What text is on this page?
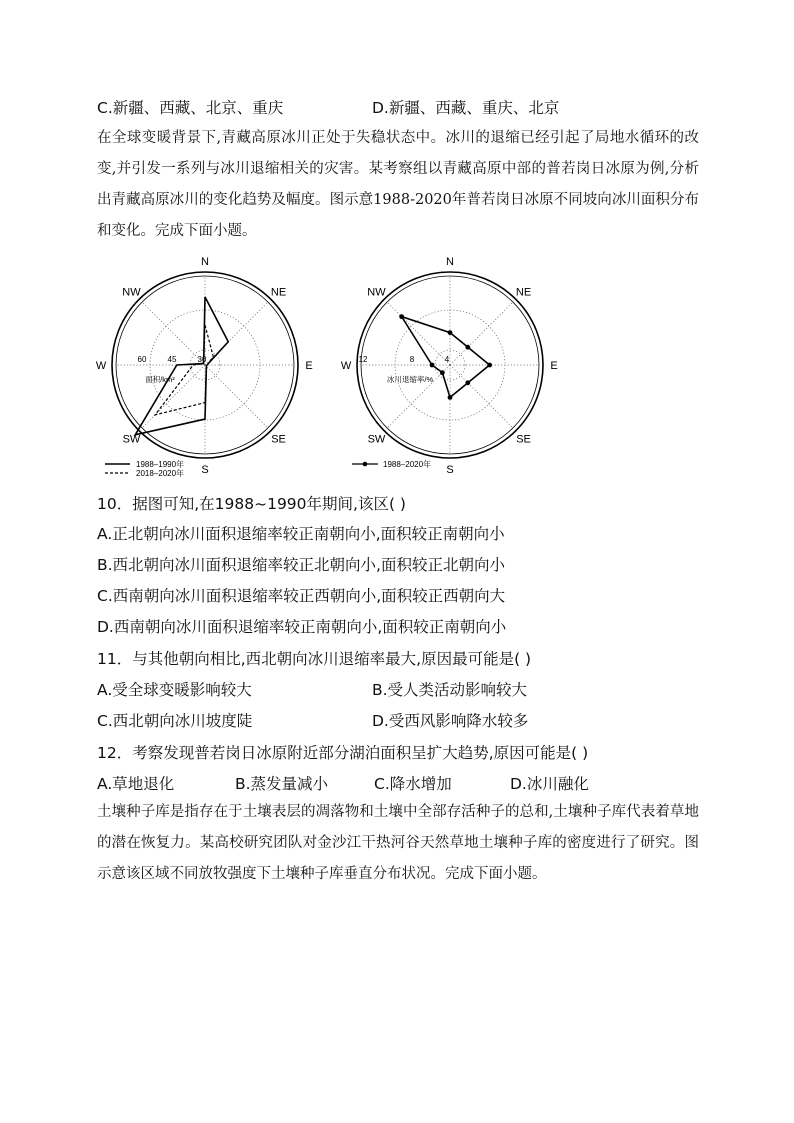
C.新疆、西藏、北京、重庆	D.新疆、西藏、重庆、北京
在全球变暖背景下,青藏高原冰川正处于失稳状态中。冰川的退缩已经引起了局地水循环的改变,并引发一系列与冰川退缩相关的灾害。某考察组以青藏高原中部的普若岗日冰原为例,分析出青藏高原冰川的变化趋势及幅度。图示意1988-2020年普若岗日冰原不同坡向冰川面积分布和变化。完成下面小题。
N
NE
E
SE
S
SW
W
NW
30
45
60
面积/km²
N
NE
E
SE
S
SW
W
NW
4
8
12
冰川退缩率/%
1988–1990年
2018–2020年
1988–2020年
10．据图可知,在1988~1990年期间,该区( )
A.正北朝向冰川面积退缩率较正南朝向小,面积较正南朝向小
B.西北朝向冰川面积退缩率较正北朝向小,面积较正北朝向小
C.西南朝向冰川面积退缩率较正西朝向小,面积较正西朝向大
D.西南朝向冰川面积退缩率较正南朝向小,面积较正南朝向小
11．与其他朝向相比,西北朝向冰川退缩率最大,原因最可能是( )
A.受全球变暖影响较大	B.受人类活动影响较大
C.西北朝向冰川坡度陡	D.受西风影响降水较多
12．考察发现普若岗日冰原附近部分湖泊面积呈扩大趋势,原因可能是( )
A.草地退化	B.蒸发量减小	C.降水增加	D.冰川融化
土壤种子库是指存在于土壤表层的凋落物和土壤中全部存活种子的总和,土壤种子库代表着草地的潜在恢复力。某高校研究团队对金沙江干热河谷天然草地土壤种子库的密度进行了研究。图示意该区域不同放牧强度下土壤种子库垂直分布状况。完成下面小题。
